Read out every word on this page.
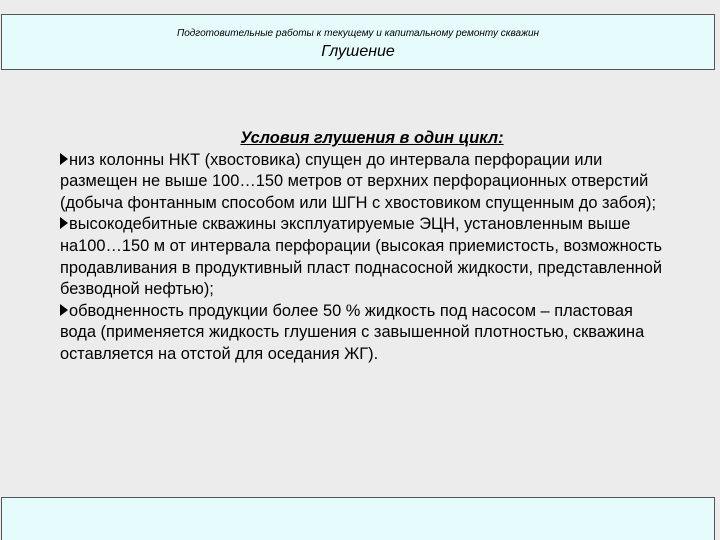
Подготовительные работы к текущему и капитальному ремонту скважин
Глушение
Условия глушения в один цикл:
низ колонны НКТ (хвостовика) спущен до интервала перфорации или размещен не выше 100…150 метров от верхних перфорационных отверстий (добыча фонтанным способом или ШГН с хвостовиком спущенным до забоя);
высокодебитные скважины эксплуатируемые ЭЦН, установленным выше на100…150 м от интервала перфорации (высокая приемистость, возможность продавливания в продуктивный пласт поднасосной жидкости, представленной безводной нефтью);
обводненность продукции более 50 % жидкость под насосом – пластовая вода (применяется жидкость глушения с завышенной плотностью, скважина оставляется на отстой для оседания ЖГ).
